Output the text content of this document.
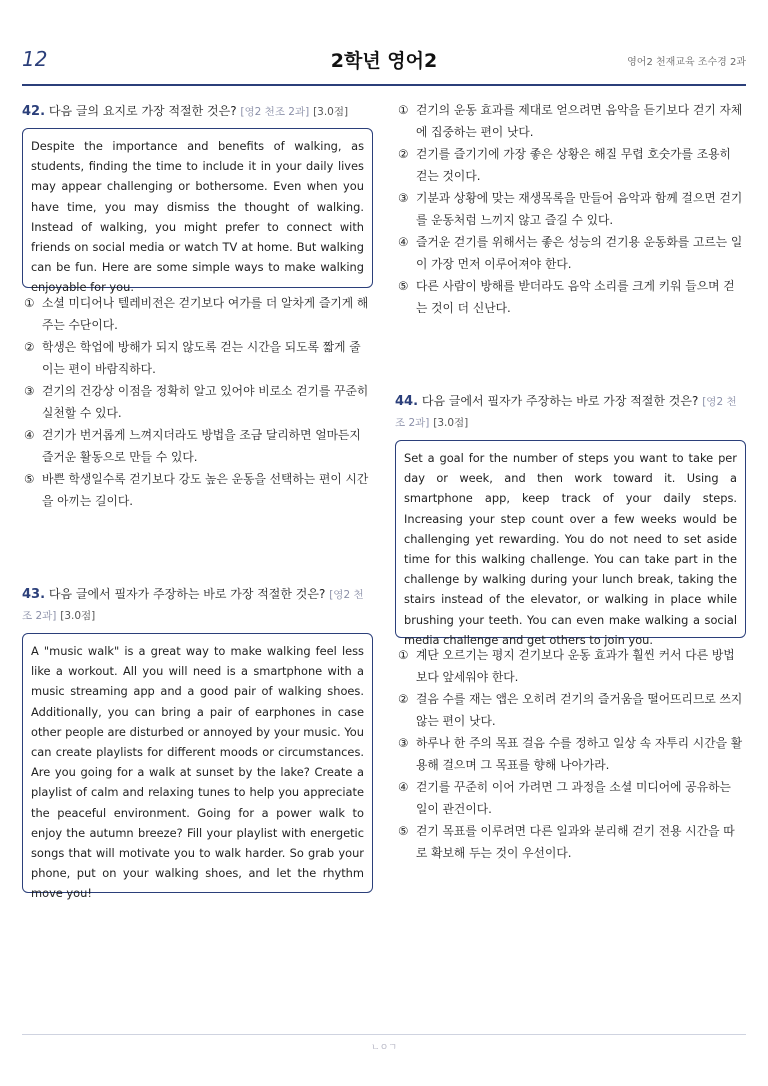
12	2학년 영어2	영어2 천재교육 조수경 2과
42. 다음 글의 요지로 가장 적절한 것은? [영2 천조 2과] [3.0점]
Despite the importance and benefits of walking, as students, finding the time to include it in your daily lives may appear challenging or bothersome. Even when you have time, you may dismiss the thought of walking. Instead of walking, you might prefer to connect with friends on social media or watch TV at home. But walking can be fun. Here are some simple ways to make walking enjoyable for you.
① 소셜 미디어나 텔레비전은 걷기보다 여가를 더 알차게 즐기게 해 주는 수단이다.
② 학생은 학업에 방해가 되지 않도록 걷는 시간을 되도록 짧게 줄이는 편이 바람직하다.
③ 걷기의 건강상 이점을 정확히 알고 있어야 비로소 걷기를 꾸준히 실천할 수 있다.
④ 걷기가 번거롭게 느껴지더라도 방법을 조금 달리하면 얼마든지 즐거운 활동으로 만들 수 있다.
⑤ 바쁜 학생일수록 걷기보다 강도 높은 운동을 선택하는 편이 시간을 아끼는 길이다.
43. 다음 글에서 필자가 주장하는 바로 가장 적절한 것은? [영2 천조 2과] [3.0점]
A "music walk" is a great way to make walking feel less like a workout. All you will need is a smartphone with a music streaming app and a good pair of walking shoes. Additionally, you can bring a pair of earphones in case other people are disturbed or annoyed by your music. You can create playlists for different moods or circumstances. Are you going for a walk at sunset by the lake? Create a playlist of calm and relaxing tunes to help you appreciate the peaceful environment. Going for a power walk to enjoy the autumn breeze? Fill your playlist with energetic songs that will motivate you to walk harder. So grab your phone, put on your walking shoes, and let the rhythm move you!
① 걷기의 운동 효과를 제대로 얻으려면 음악을 듣기보다 걷기 자체에 집중하는 편이 낫다.
② 걷기를 즐기기에 가장 좋은 상황은 해질 무렵 호숫가를 조용히 걷는 것이다.
③ 기분과 상황에 맞는 재생목록을 만들어 음악과 함께 걸으면 걷기를 운동처럼 느끼지 않고 즐길 수 있다.
④ 즐거운 걷기를 위해서는 좋은 성능의 걷기용 운동화를 고르는 일이 가장 먼저 이루어져야 한다.
⑤ 다른 사람이 방해를 받더라도 음악 소리를 크게 키워 들으며 걷는 것이 더 신난다.
44. 다음 글에서 필자가 주장하는 바로 가장 적절한 것은? [영2 천조 2과] [3.0점]
Set a goal for the number of steps you want to take per day or week, and then work toward it. Using a smartphone app, keep track of your daily steps. Increasing your step count over a few weeks would be challenging yet rewarding. You do not need to set aside time for this walking challenge. You can take part in the challenge by walking during your lunch break, taking the stairs instead of the elevator, or walking in place while brushing your teeth. You can even make walking a social media challenge and get others to join you.
① 계단 오르기는 평지 걷기보다 운동 효과가 훨씬 커서 다른 방법보다 앞세워야 한다.
② 걸음 수를 재는 앱은 오히려 걷기의 즐거움을 떨어뜨리므로 쓰지 않는 편이 낫다.
③ 하루나 한 주의 목표 걸음 수를 정하고 일상 속 자투리 시간을 활용해 걸으며 그 목표를 향해 나아가라.
④ 걷기를 꾸준히 이어 가려면 그 과정을 소셜 미디어에 공유하는 일이 관건이다.
⑤ 걷기 목표를 이루려면 다른 일과와 분리해 걷기 전용 시간을 따로 확보해 두는 것이 우선이다.
ㄴㅇㄱ
